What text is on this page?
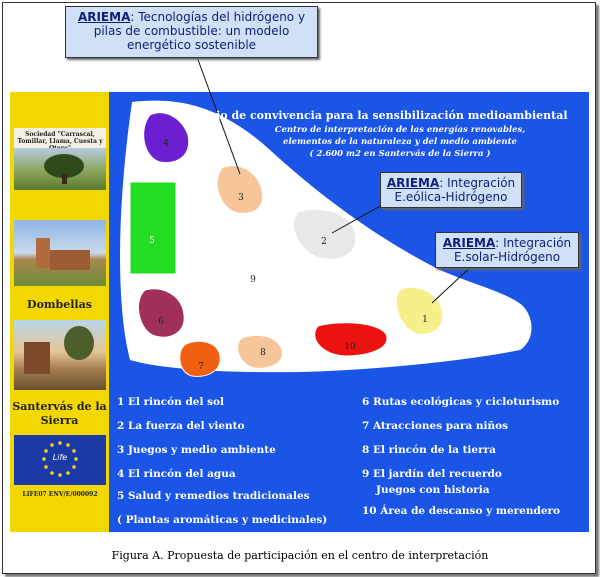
Sociedad "Carrascal, Tomillar, Llama, Cuesta y
Dombellas
Santervás de la Sierra
Life
LIFE07 ENV/E/000092
4
5
3
2
9
6
7
8
10
1
ARIEMA: Tecnologías del hidrógeno y pilas de combustible: un modelo energético sostenible
ARIEMA: Integración E.eólica-Hidrógeno
ARIEMA: Integración E.solar-Hidrógeno
Espacio de convivencia para la sensibilización medioambiental
Centro de interpretación de las energías renovables,
elementos de la naturaleza y del medio ambiente
( 2.600 m2 en Santervás de la Sierra )
1 El rincón del sol
2 La fuerza del viento
3 Juegos y medio ambiente
4 El rincón del agua
5 Salud y remedios tradicionales
( Plantas aromáticas y medicinales)
6 Rutas ecológicas y cicloturismo
7 Atracciones para niños
8 El rincón de la tierra
9 El jardín del recuerdo
Juegos con historia
10 Área de descanso y merendero
Figura A. Propuesta de participación en el centro de interpretación
